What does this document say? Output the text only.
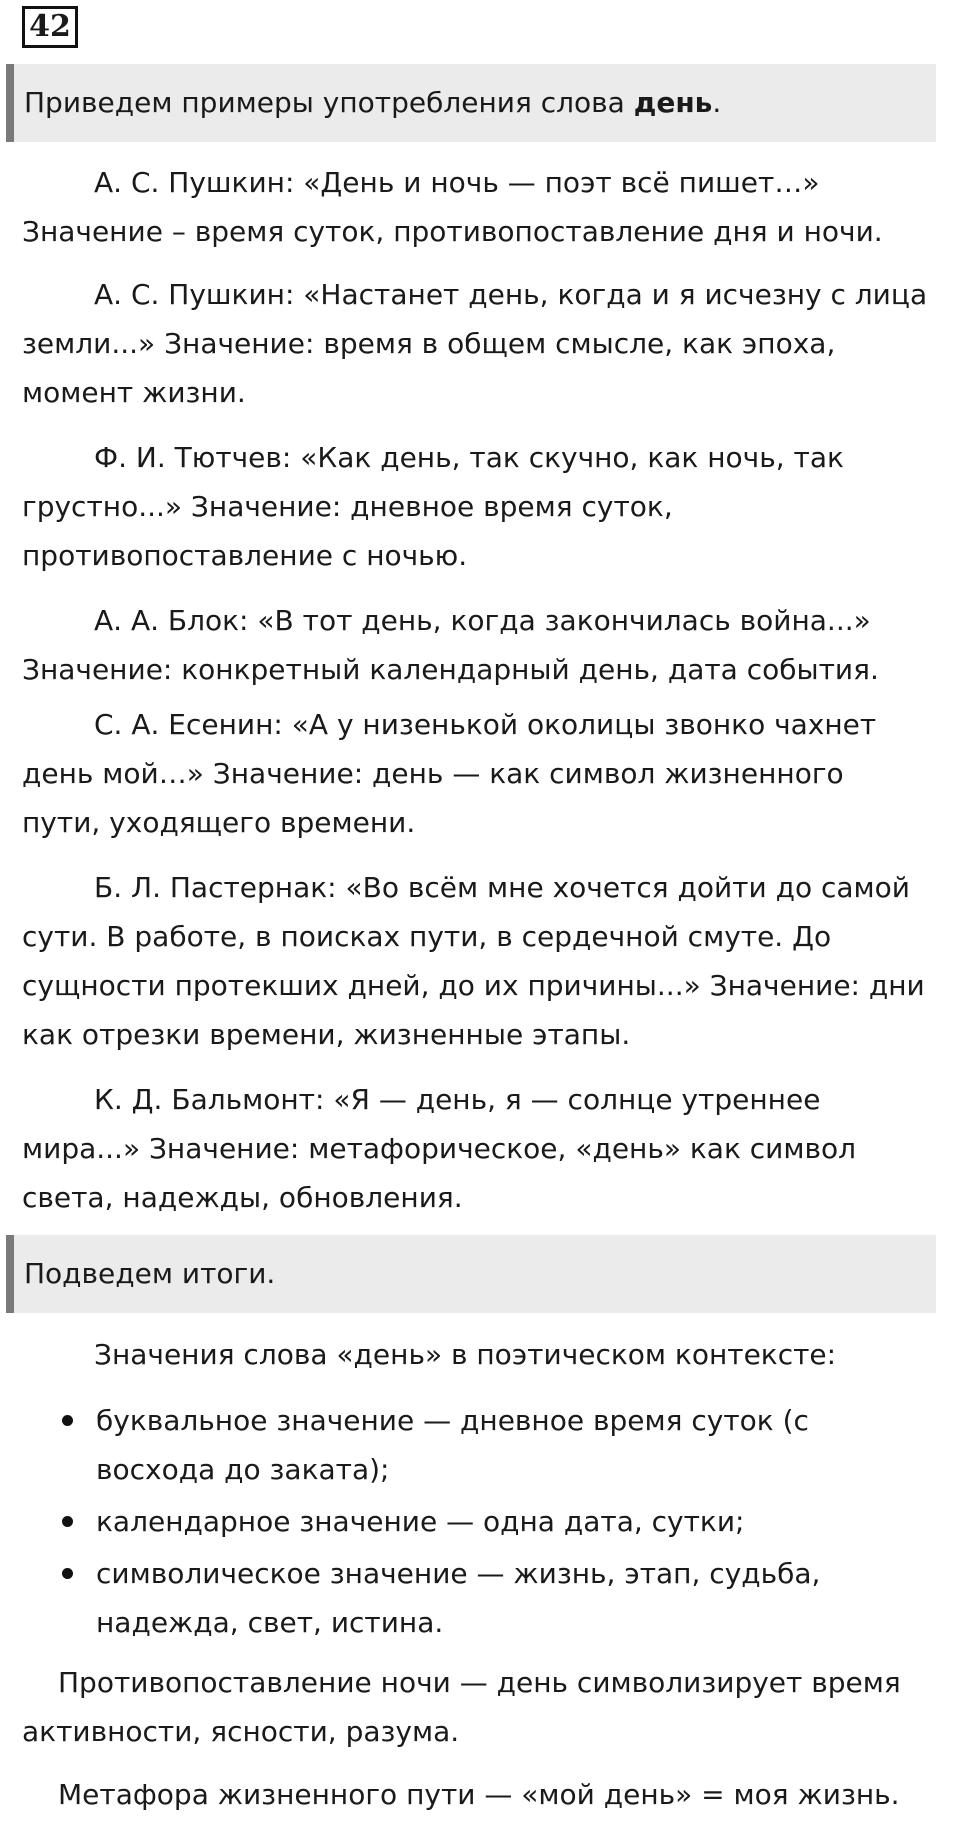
42
Приведем примеры употребления слова день.
А. С. Пушкин: «День и ночь — поэт всё пишет…»
Значение – время суток, противопоставление дня и ночи.
А. С. Пушкин: «Настанет день, когда и я исчезну с лица
земли...» Значение: время в общем смысле, как эпоха,
момент жизни.
Ф. И. Тютчев: «Как день, так скучно, как ночь, так
грустно...» Значение: дневное время суток,
противопоставление с ночью.
А. А. Блок: «В тот день, когда закончилась война...»
Значение: конкретный календарный день, дата события.
С. А. Есенин: «А у низенькой околицы звонко чахнет
день мой…» Значение: день — как символ жизненного
пути, уходящего времени.
Б. Л. Пастернак: «Во всём мне хочется дойти до самой
сути. В работе, в поисках пути, в сердечной смуте. До
сущности протекших дней, до их причины...» Значение: дни
как отрезки времени, жизненные этапы.
К. Д. Бальмонт: «Я — день, я — солнце утреннее
мира...» Значение: метафорическое, «день» как символ
света, надежды, обновления.
Подведем итоги.
Значения слова «день» в поэтическом контексте:
буквальное значение — дневное время суток (с
восхода до заката);
календарное значение — одна дата, сутки;
символическое значение — жизнь, этап, судьба,
надежда, свет, истина.
Противопоставление ночи — день символизирует время
активности, ясности, разума.
Метафора жизненного пути — «мой день» = моя жизнь.
